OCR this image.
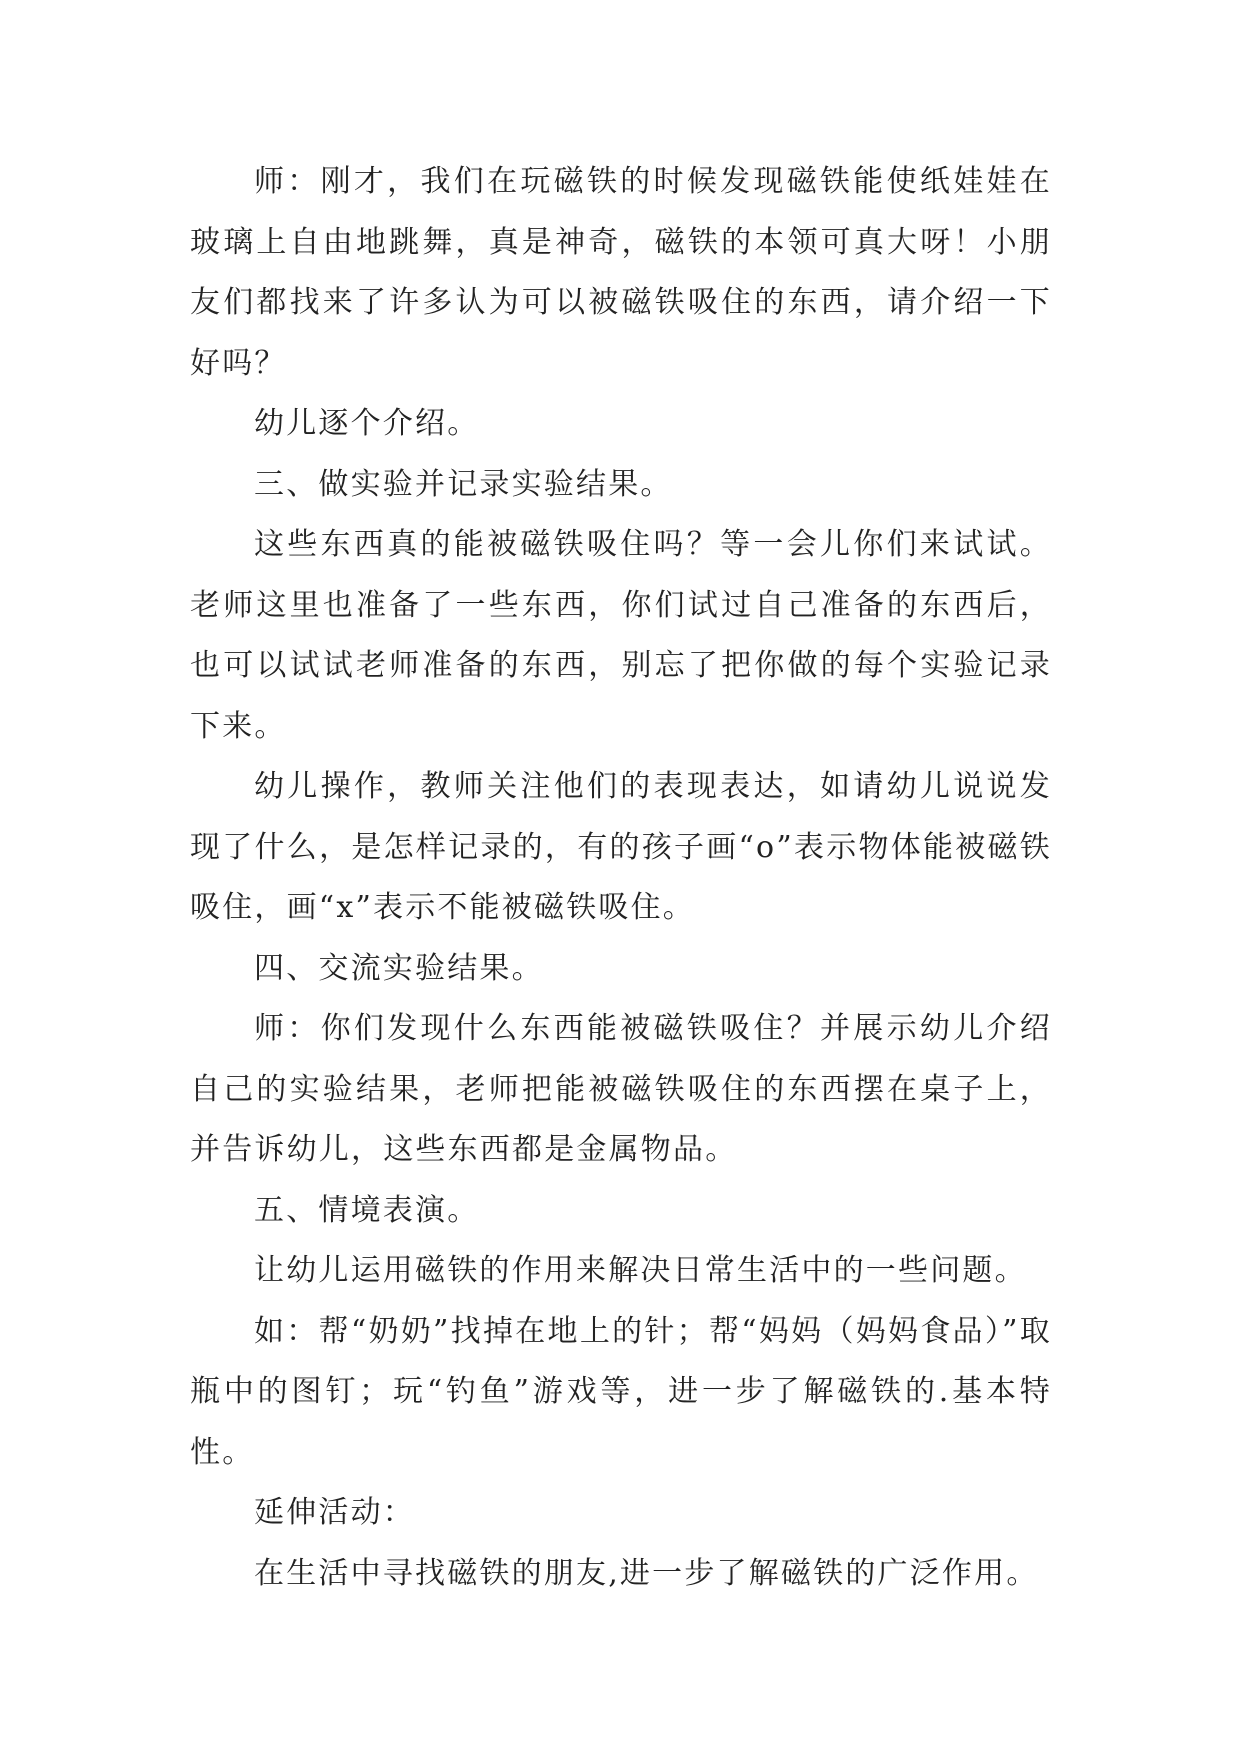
师：刚才，我们在玩磁铁的时候发现磁铁能使纸娃娃在玻璃上自由地跳舞，真是神奇，磁铁的本领可真大呀！小朋友们都找来了许多认为可以被磁铁吸住的东西，请介绍一下好吗？

幼儿逐个介绍。

三、做实验并记录实验结果。

这些东西真的能被磁铁吸住吗？等一会儿你们来试试。老师这里也准备了一些东西，你们试过自己准备的东西后，也可以试试老师准备的东西，别忘了把你做的每个实验记录下来。

幼儿操作，教师关注他们的表现表达，如请幼儿说说发现了什么，是怎样记录的，有的孩子画“o”表示物体能被磁铁吸住，画“x”表示不能被磁铁吸住。

四、交流实验结果。

师：你们发现什么东西能被磁铁吸住？并展示幼儿介绍自己的实验结果，老师把能被磁铁吸住的东西摆在桌子上，并告诉幼儿，这些东西都是金属物品。

五、情境表演。

让幼儿运用磁铁的作用来解决日常生活中的一些问题。

如：帮“奶奶”找掉在地上的针；帮“妈妈（妈妈食品）”取瓶中的图钉；玩“钓鱼”游戏等，进一步了解磁铁的.基本特性。

延伸活动：

在生活中寻找磁铁的朋友,进一步了解磁铁的广泛作用。
